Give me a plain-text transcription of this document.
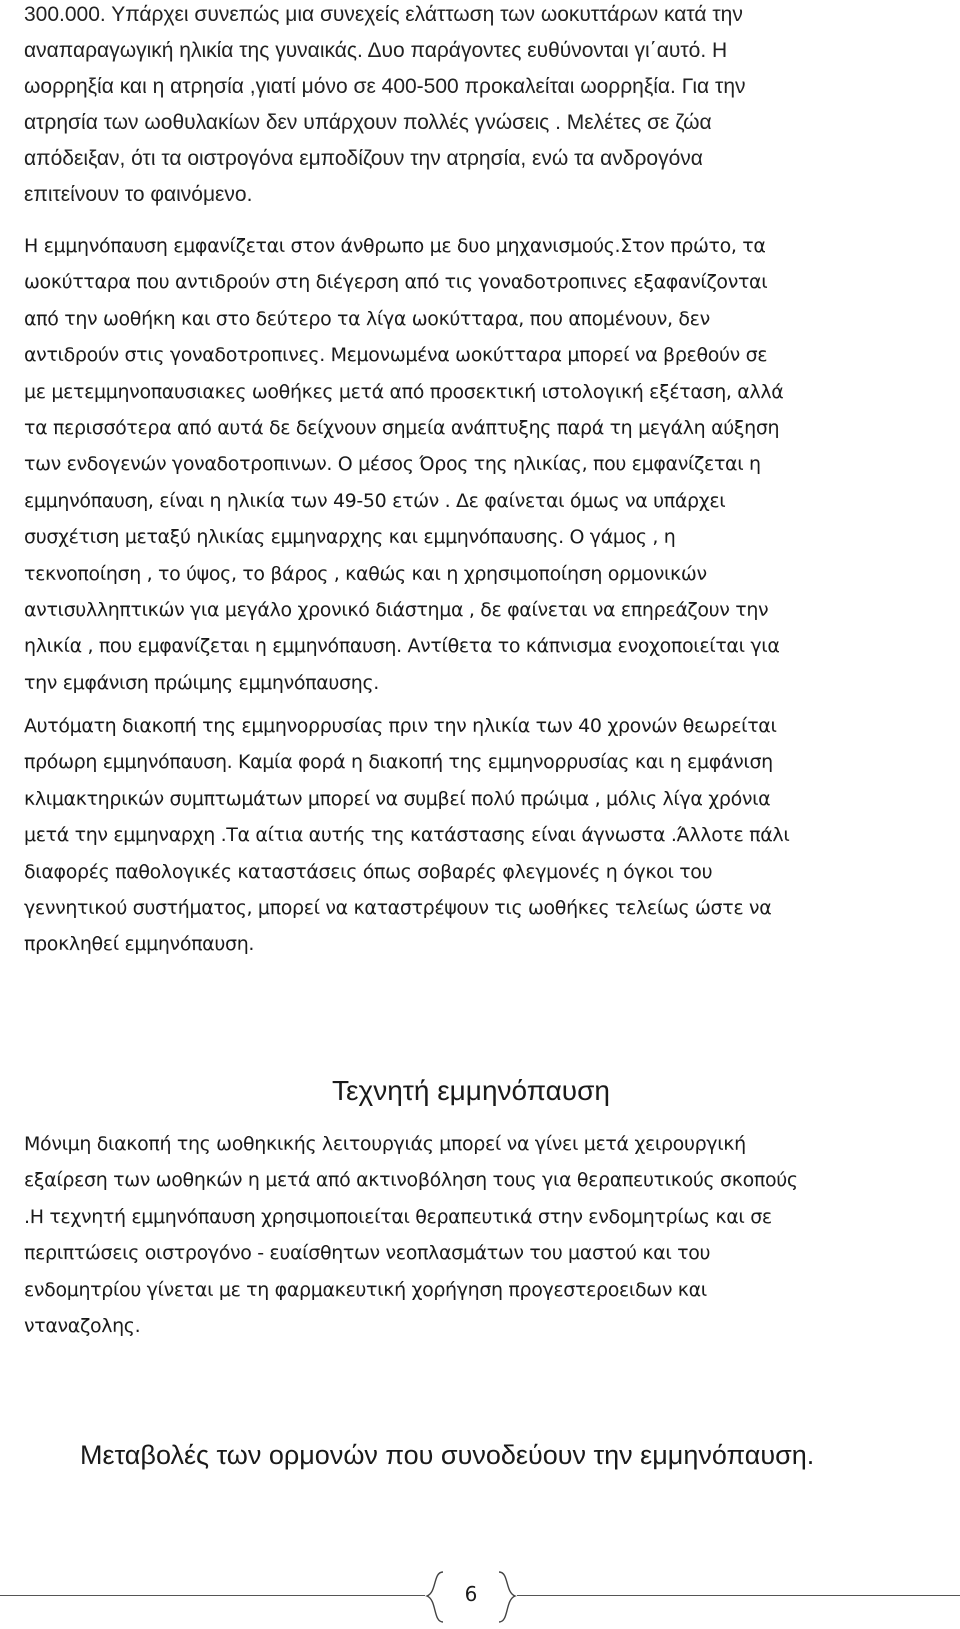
300.000. Υπάρχει συνεπώς μια συνεχείς ελάττωση των ωοκυττάρων κατά την
αναπαραγωγική ηλικία της γυναικάς. Δυο παράγοντες ευθύνονται γι΄αυτό. Η
ωορρηξία και η ατρησία ,γιατί μόνο σε 400-500 προκαλείται ωορρηξία. Για την
ατρησία των ωοθυλακίων δεν υπάρχουν πολλές γνώσεις . Μελέτες σε ζώα
απόδειξαν, ότι τα οιστρογόνα εμποδίζουν την ατρησία, ενώ τα ανδρογόνα
επιτείνουν το φαινόμενο.
Η εμμηνόπαυση εμφανίζεται στον άνθρωπο με δυο μηχανισμούς.Στον πρώτο, τα
ωοκύτταρα που αντιδρούν στη διέγερση από τις γοναδοτροπινες εξαφανίζονται
από την ωοθήκη και στο δεύτερο τα λίγα ωοκύτταρα, που απομένουν, δεν
αντιδρούν στις γοναδοτροπινες. Μεμονωμένα ωοκύτταρα μπορεί να βρεθούν σε
με μετεμμηνοπαυσιακες ωοθήκες μετά από προσεκτική ιστολογική εξέταση, αλλά
τα περισσότερα από αυτά δε δείχνουν σημεία ανάπτυξης παρά τη μεγάλη αύξηση
των ενδογενών γοναδοτροπινων. Ο μέσος Όρος της ηλικίας, που εμφανίζεται η
εμμηνόπαυση, είναι η ηλικία των 49-50 ετών . Δε φαίνεται όμως να υπάρχει
συσχέτιση μεταξύ ηλικίας εμμηναρχης και εμμηνόπαυσης. Ο γάμος , η
τεκνοποίηση , το ύψος, το βάρος , καθώς και η χρησιμοποίηση ορμονικών
αντισυλληπτικών για μεγάλο χρονικό διάστημα , δε φαίνεται να επηρεάζουν την
ηλικία , που εμφανίζεται η εμμηνόπαυση. Αντίθετα το κάπνισμα ενοχοποιείται για
την εμφάνιση πρώιμης εμμηνόπαυσης.
Αυτόματη διακοπή της εμμηνορρυσίας πριν την ηλικία των 40 χρονών θεωρείται
πρόωρη εμμηνόπαυση. Καμία φορά η διακοπή της εμμηνορρυσίας και η εμφάνιση
κλιμακτηρικών συμπτωμάτων μπορεί να συμβεί πολύ πρώιμα , μόλις λίγα χρόνια
μετά την εμμηναρχη .Τα αίτια αυτής της κατάστασης είναι άγνωστα .Άλλοτε πάλι
διαφορές παθολογικές καταστάσεις όπως σοβαρές φλεγμονές η όγκοι του
γεννητικού συστήματος, μπορεί να καταστρέψουν τις ωοθήκες τελείως ώστε να
προκληθεί εμμηνόπαυση.
Τεχνητή εμμηνόπαυση
Μόνιμη διακοπή της ωοθηκικής λειτουργιάς μπορεί να γίνει μετά χειρουργική
εξαίρεση των ωοθηκών η μετά από ακτινοβόληση τους για θεραπευτικούς σκοπούς
.Η τεχνητή εμμηνόπαυση χρησιμοποιείται θεραπευτικά στην ενδομητρίως και σε
περιπτώσεις οιστρογόνο - ευαίσθητων νεοπλασμάτων του μαστού και του
ενδομητρίου γίνεται με τη φαρμακευτική χορήγηση προγεστεροειδων και
νταναζολης.
Μεταβολές των ορμονών που συνοδεύουν την εμμηνόπαυση.
6
